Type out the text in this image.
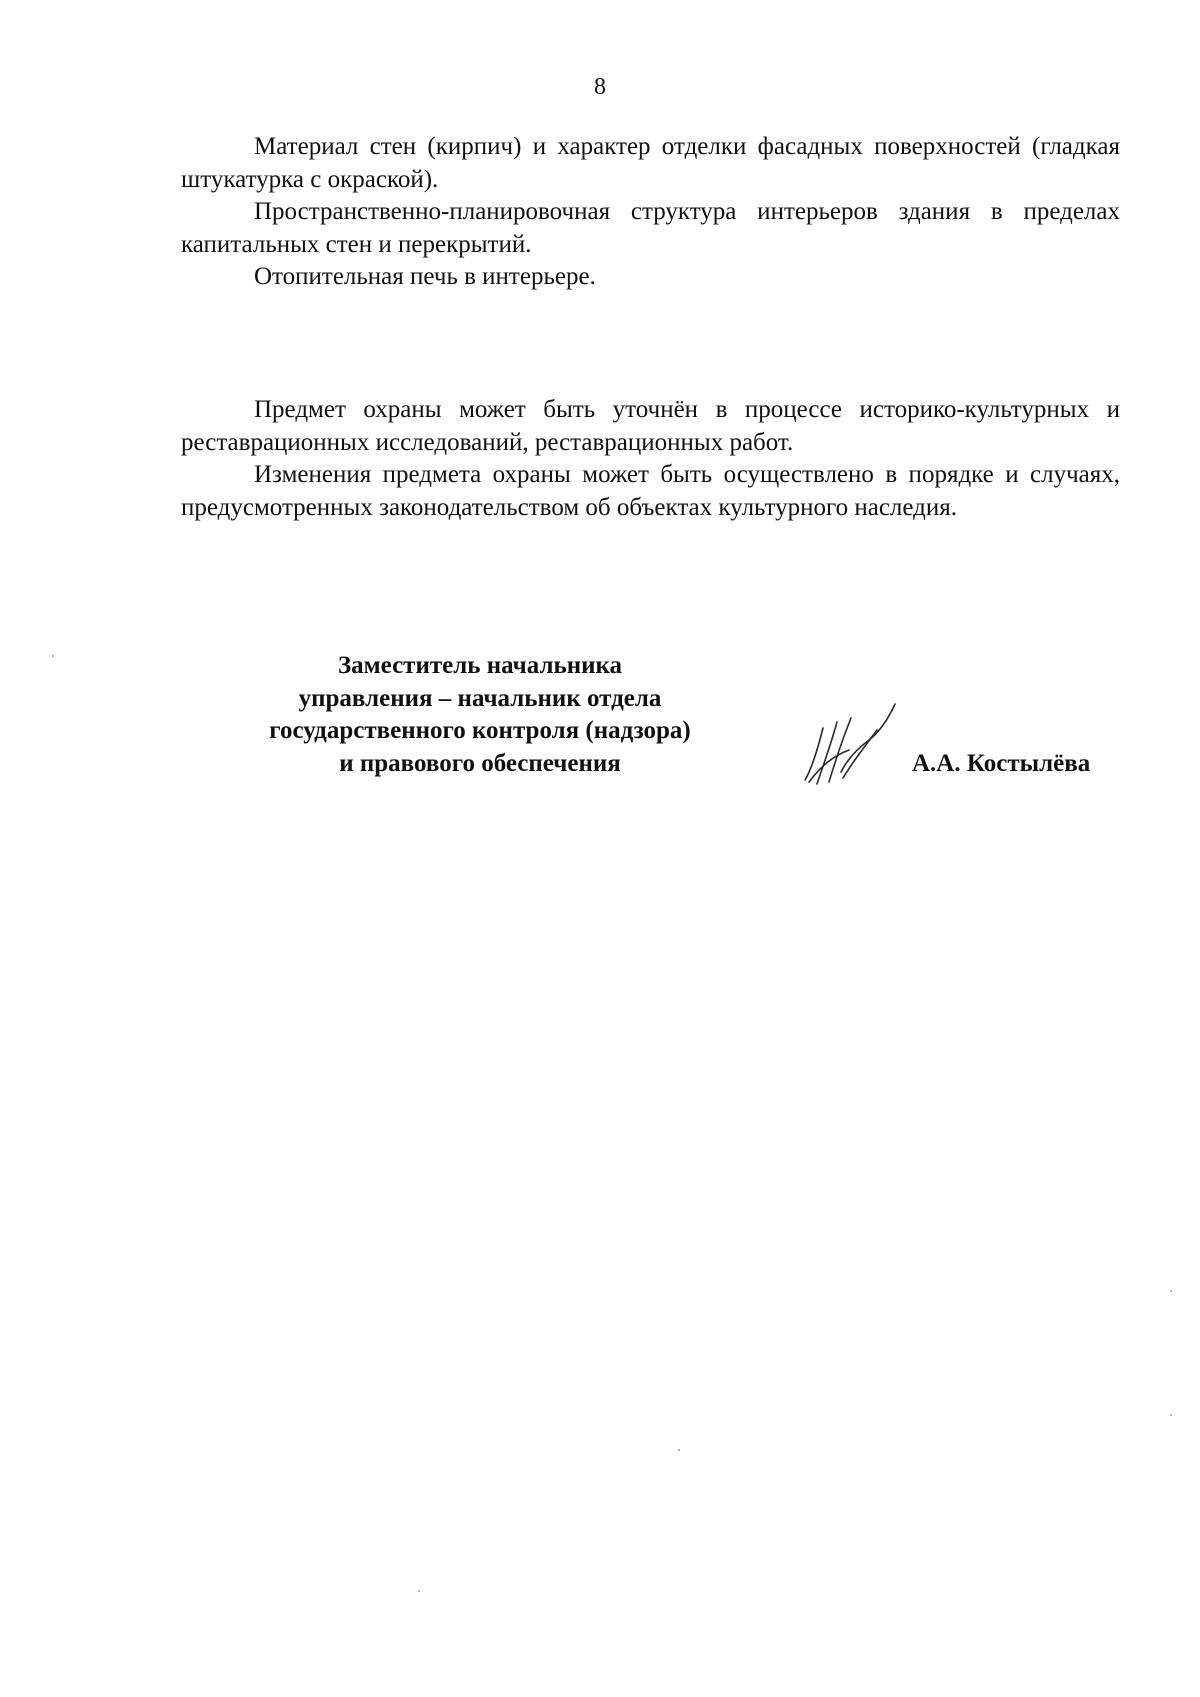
8

Материал стен (кирпич) и характер отделки фасадных поверхностей (гладкая штукатурка с окраской).

Пространственно-планировочная структура интерьеров здания в пределах капитальных стен и перекрытий.

Отопительная печь в интерьере.

Предмет охраны может быть уточнён в процессе историко-культурных и реставрационных исследований, реставрационных работ.

Изменения предмета охраны может быть осуществлено в порядке и случаях, предусмотренных законодательством об объектах культурного наследия.

Заместитель начальника
управления – начальник отдела
государственного контроля (надзора)
и правового обеспечения	А.А. Костылёва
